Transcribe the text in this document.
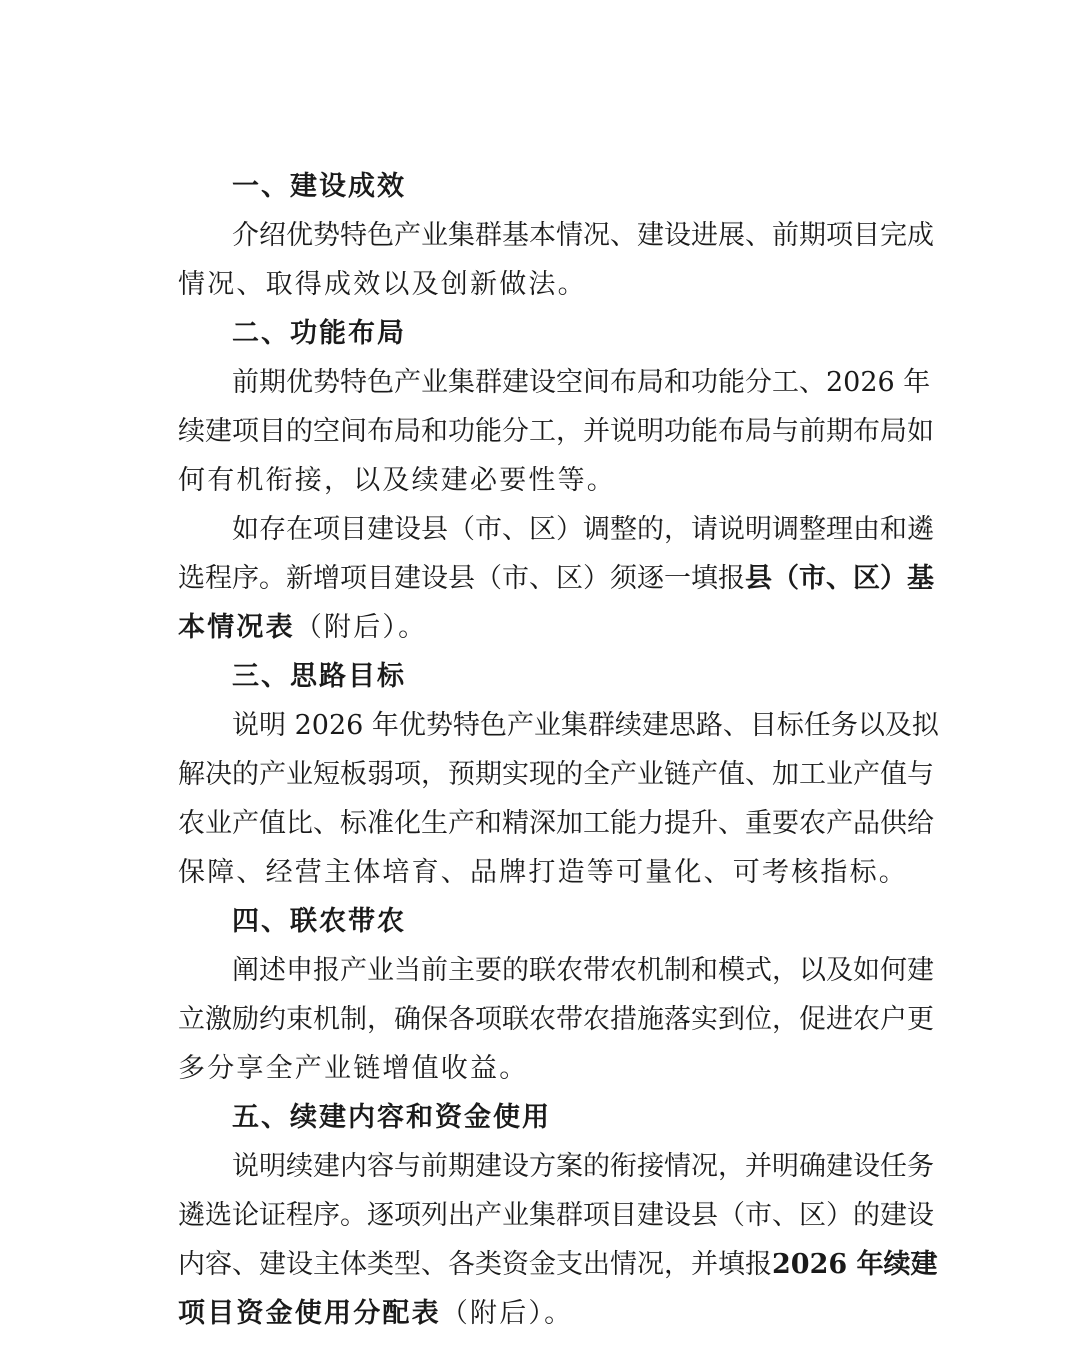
一、建设成效
介绍优势特色产业集群基本情况、建设进展、前期项目完成
情况、取得成效以及创新做法。
二、功能布局
前期优势特色产业集群建设空间布局和功能分工、2026 年
续建项目的空间布局和功能分工，并说明功能布局与前期布局如
何有机衔接，以及续建必要性等。
如存在项目建设县（市、区）调整的，请说明调整理由和遴
选程序。新增项目建设县（市、区）须逐一填报 县（市、区）基
本情况表（附后）。
三、思路目标
说明 2026 年优势特色产业集群续建思路、目标任务以及拟
解决的产业短板弱项，预期实现的全产业链产值、加工业产值与
农业产值比、标准化生产和精深加工能力提升、重要农产品供给
保障、经营主体培育、品牌打造等可量化、可考核指标。
四、联农带农
阐述申报产业当前主要的联农带农机制和模式，以及如何建
立激励约束机制，确保各项联农带农措施落实到位，促进农户更
多分享全产业链增值收益。
五、续建内容和资金使用
说明续建内容与前期建设方案的衔接情况，并明确建设任务
遴选论证程序。逐项列出产业集群项目建设县（市、区）的建设
内容、建设主体类型、各类资金支出情况，并填报 2026 年续建
项目资金使用分配表（附后）。
